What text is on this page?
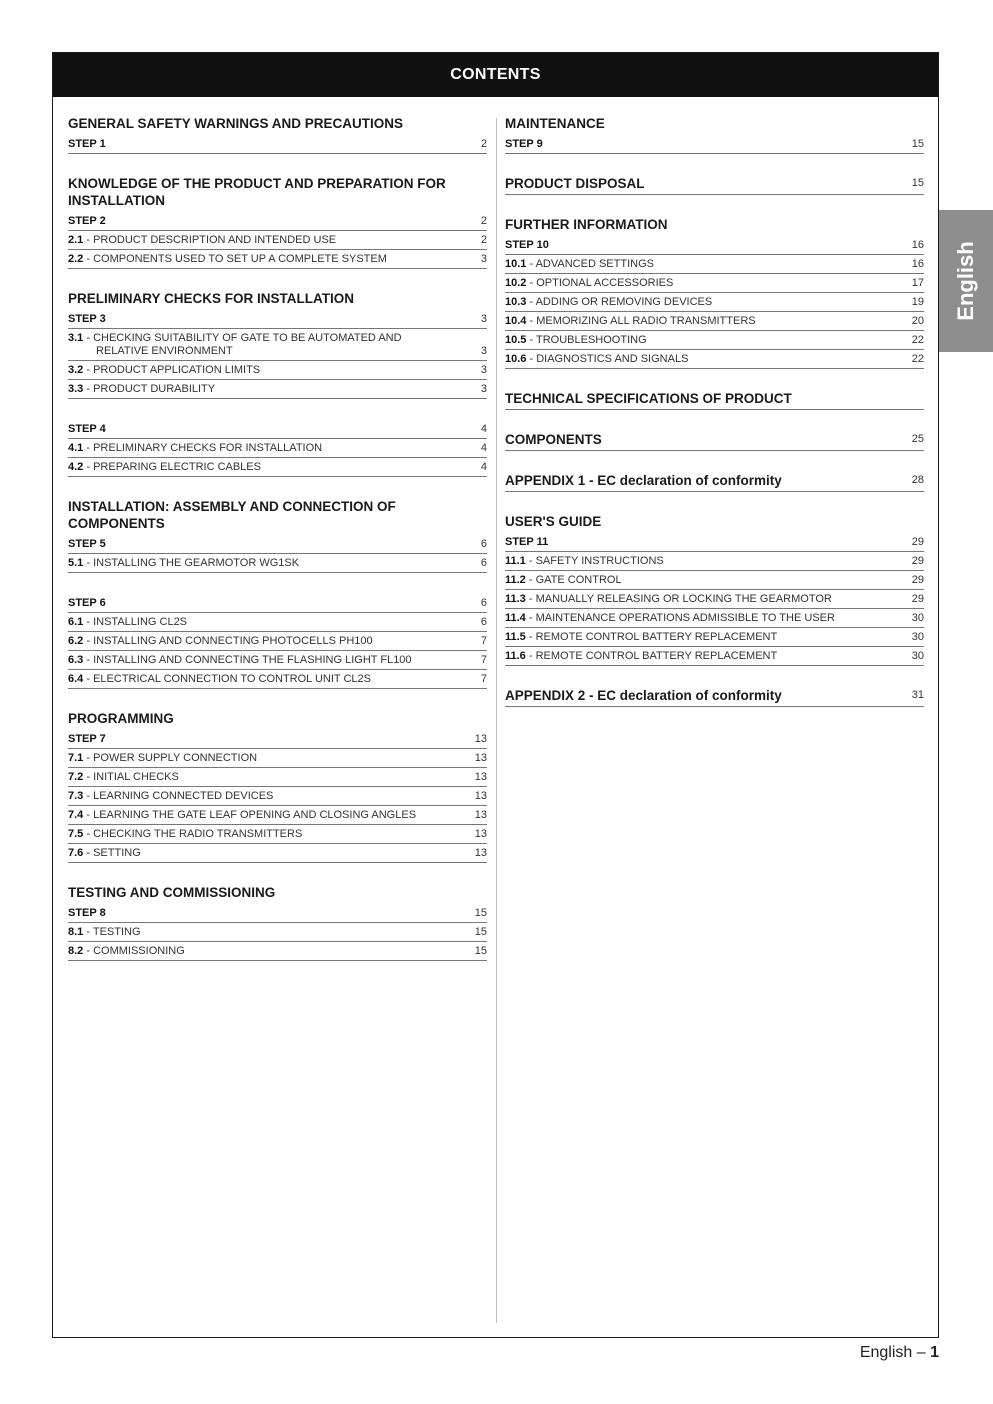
CONTENTS
GENERAL SAFETY WARNINGS AND PRECAUTIONS
STEP 1	2
KNOWLEDGE OF THE PRODUCT AND PREPARATION FOR INSTALLATION
STEP 2	2
2.1 - PRODUCT DESCRIPTION AND INTENDED USE	2
2.2 - COMPONENTS USED TO SET UP A COMPLETE SYSTEM	3
PRELIMINARY CHECKS FOR INSTALLATION
STEP 3	3
3.1 - CHECKING SUITABILITY OF GATE TO BE AUTOMATED AND
RELATIVE ENVIRONMENT	3
3.2 - PRODUCT APPLICATION LIMITS	3
3.3 - PRODUCT DURABILITY	3
STEP 4	4
4.1 - PRELIMINARY CHECKS FOR INSTALLATION	4
4.2 - PREPARING ELECTRIC CABLES	4
INSTALLATION: ASSEMBLY AND CONNECTION OF COMPONENTS
STEP 5	6
5.1 - INSTALLING THE GEARMOTOR WG1SK	6
STEP 6	6
6.1 - INSTALLING CL2S	6
6.2 - INSTALLING AND CONNECTING PHOTOCELLS PH100	7
6.3 - INSTALLING AND CONNECTING THE FLASHING LIGHT FL100	7
6.4 - ELECTRICAL CONNECTION TO CONTROL UNIT CL2S	7
PROGRAMMING
STEP 7	13
7.1 - POWER SUPPLY CONNECTION	13
7.2 - INITIAL CHECKS	13
7.3 - LEARNING CONNECTED DEVICES	13
7.4 - LEARNING THE GATE LEAF OPENING AND CLOSING ANGLES	13
7.5 - CHECKING THE RADIO TRANSMITTERS	13
7.6 - SETTING	13
TESTING AND COMMISSIONING
STEP 8	15
8.1 - TESTING	15
8.2 - COMMISSIONING	15
MAINTENANCE
STEP 9	15
PRODUCT DISPOSAL	15
FURTHER INFORMATION
STEP 10	16
10.1 - ADVANCED SETTINGS	16
10.2 - OPTIONAL ACCESSORIES	17
10.3 - ADDING OR REMOVING DEVICES	19
10.4 - MEMORIZING ALL RADIO TRANSMITTERS	20
10.5 - TROUBLESHOOTING	22
10.6 - DIAGNOSTICS AND SIGNALS	22
TECHNICAL SPECIFICATIONS OF PRODUCT
COMPONENTS	25
APPENDIX 1 - EC declaration of conformity	28
USER'S GUIDE
STEP 11	29
11.1 - SAFETY INSTRUCTIONS	29
11.2 - GATE CONTROL	29
11.3 - MANUALLY RELEASING OR LOCKING THE GEARMOTOR	29
11.4 - MAINTENANCE OPERATIONS ADMISSIBLE TO THE USER	30
11.5 - REMOTE CONTROL BATTERY REPLACEMENT	30
11.6 - REMOTE CONTROL BATTERY REPLACEMENT	30
APPENDIX 2 - EC declaration of conformity	31
English
English – 1
